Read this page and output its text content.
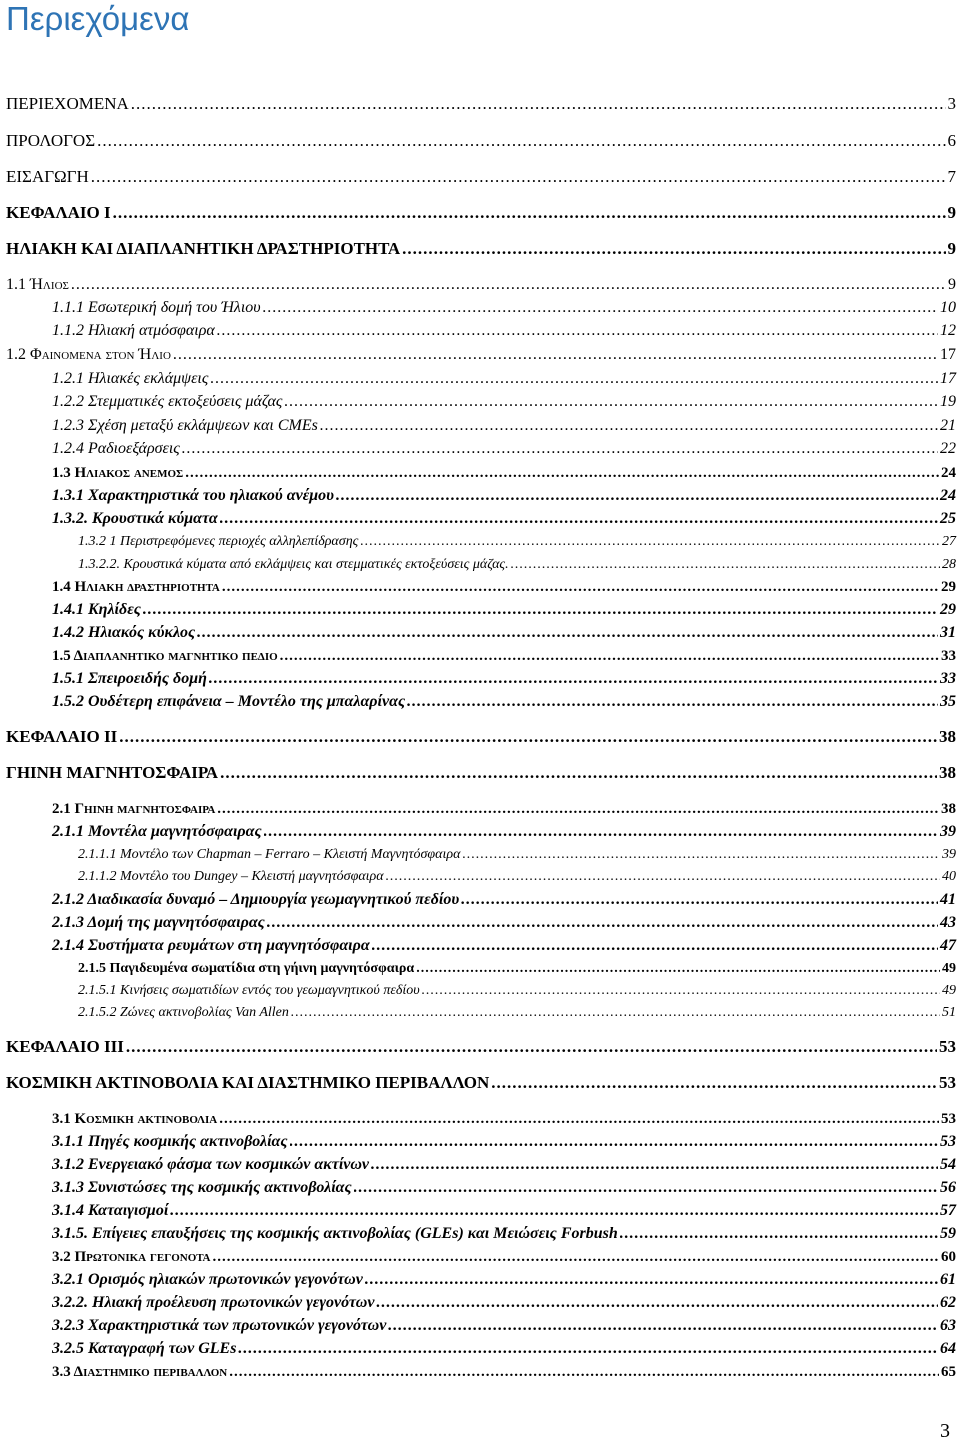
Περιεχόμενα
ΠΕΡΙΕΧΟΜΕΝΑ .....	3
ΠΡΟΛΟΓΟΣ .....	6
ΕΙΣΑΓΩΓΗ .....	7
ΚΕΦΑΛΑΙΟ Ι .....	9
ΗΛΙΑΚΗ ΚΑΙ ΔΙΑΠΛΑΝΗΤΙΚΗ ΔΡΑΣΤΗΡΙΟΤΗΤΑ .....	9
1.1 Ήλιος .....	9
1.1.1 Εσωτερική δομή του Ήλιου .....	10
1.1.2 Ηλιακή ατμόσφαιρα .....	12
1.2 Φαινομενα στον Ήλιο .....	17
1.2.1 Ηλιακές εκλάμψεις .....	17
1.2.2 Στεμματικές εκτοξεύσεις μάζας .....	19
1.2.3 Σχέση μεταξύ εκλάμψεων και CMEs .....	21
1.2.4 Ραδιοεξάρσεις .....	22
1.3 Ηλιακος ανεμος .....	24
1.3.1 Χαρακτηριστικά του ηλιακού ανέμου .....	24
1.3.2. Κρουστικά κύματα .....	25
1.3.2 1 Περιστρεφόμενες περιοχές αλληλεπίδρασης .....	27
1.3.2.2. Κρουστικά κύματα από εκλάμψεις και στεμματικές εκτοξεύσεις μάζας. .....	28
1.4 Ηλιακη δραστηριοτητα .....	29
1.4.1 Κηλίδες .....	29
1.4.2 Ηλιακός κύκλος .....	31
1.5 Διαπλανητικο μαγνητικο πεδιο .....	33
1.5.1 Σπειροειδής δομή .....	33
1.5.2 Ουδέτερη επιφάνεια – Μοντέλο της μπαλαρίνας .....	35
ΚΕΦΑΛΑΙΟ ΙΙ .....	38
ΓΗΙΝΗ ΜΑΓΝΗΤΟΣΦΑΙΡΑ .....	38
2.1 Γηινη μαγνητοσφαιρα .....	38
2.1.1 Μοντέλα μαγνητόσφαιρας .....	39
2.1.1.1 Μοντέλο των Chapman – Ferraro – Κλειστή Μαγνητόσφαιρα .....	39
2.1.1.2 Μοντέλο του Dungey – Κλειστή μαγνητόσφαιρα .....	40
2.1.2 Διαδικασία δυναμό – Δημιουργία γεωμαγνητικού πεδίου .....	41
2.1.3 Δομή της μαγνητόσφαιρας .....	43
2.1.4 Συστήματα ρευμάτων στη μαγνητόσφαιρα .....	47
2.1.5 Παγιδευμένα σωματίδια στη γήινη μαγνητόσφαιρα .....	49
2.1.5.1 Κινήσεις σωματιδίων εντός του γεωμαγνητικού πεδίου .....	49
2.1.5.2 Ζώνες ακτινοβολίας Van Allen .....	51
ΚΕΦΑΛΑΙΟ ΙΙΙ .....	53
ΚΟΣΜΙΚΗ ΑΚΤΙΝΟΒΟΛΙΑ ΚΑΙ ΔΙΑΣΤΗΜΙΚΟ ΠΕΡΙΒΑΛΛΟΝ .....	53
3.1 Κοσμικη ακτινοβολια .....	53
3.1.1 Πηγές κοσμικής ακτινοβολίας .....	53
3.1.2 Ενεργειακό φάσμα των κοσμικών ακτίνων .....	54
3.1.3 Συνιστώσες της κοσμικής ακτινοβολίας .....	56
3.1.4 Καταιγισμοί .....	57
3.1.5. Επίγειες επαυξήσεις της κοσμικής ακτινοβολίας (GLEs) και Μειώσεις Forbush .....	59
3.2 Πρωτονικα γεγονοτα .....	60
3.2.1 Ορισμός ηλιακών πρωτονικών γεγονότων .....	61
3.2.2. Ηλιακή προέλευση πρωτονικών γεγονότων .....	62
3.2.3 Χαρακτηριστικά των πρωτονικών γεγονότων .....	63
3.2.5 Καταγραφή των GLEs .....	64
3.3 Διαστημικο περιβαλλον .....	65
3
